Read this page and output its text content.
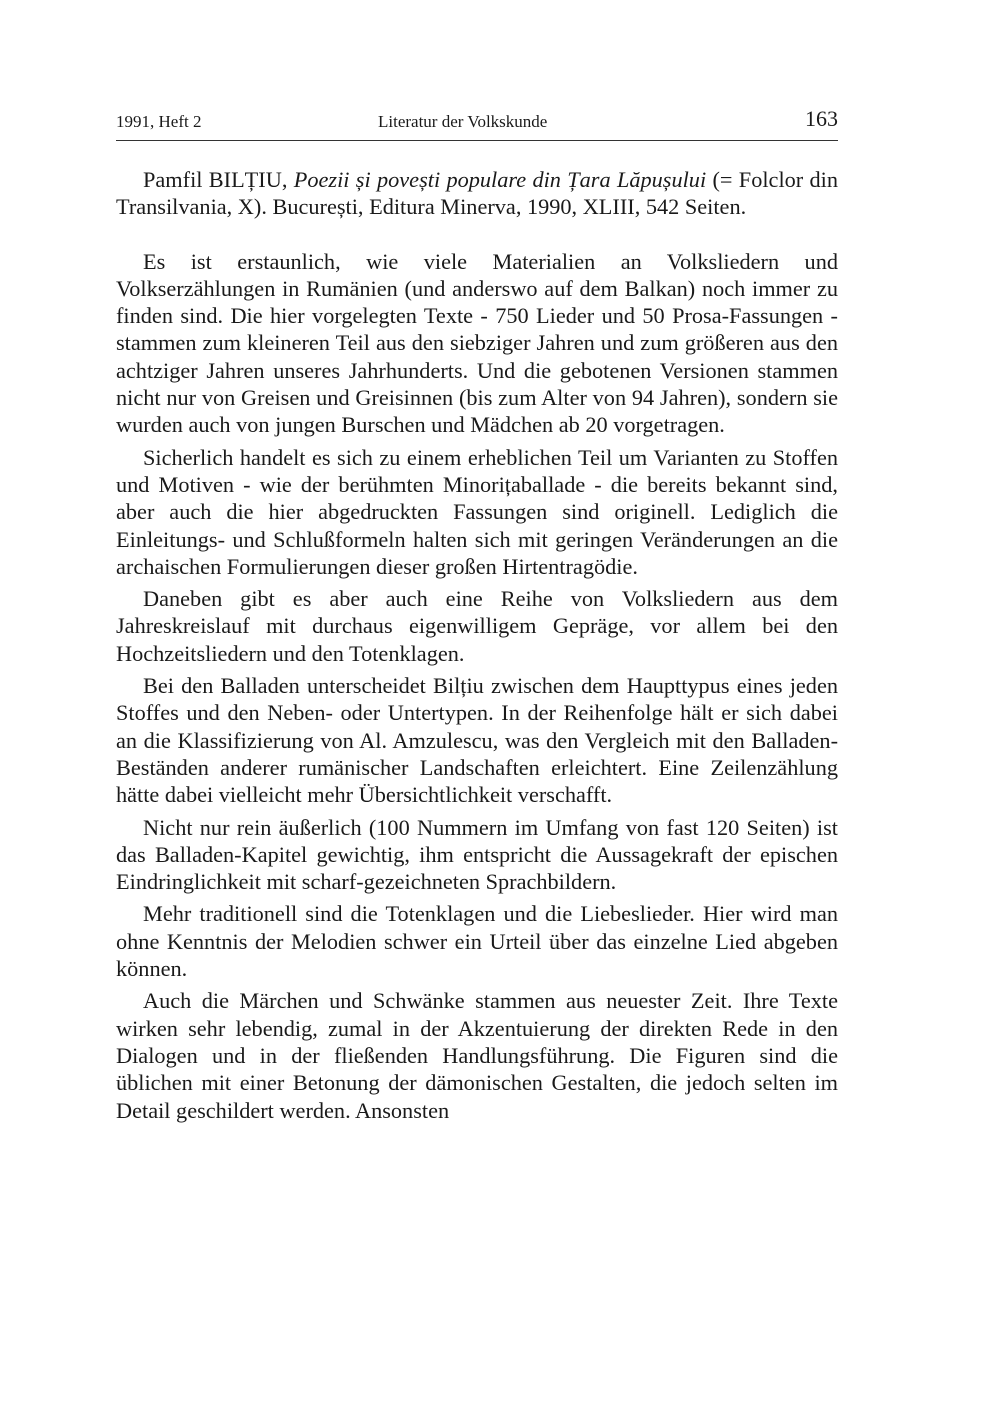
1991, Heft 2	Literatur der Volkskunde	163

Pamfil BILȚIU, Poezii și povești populare din Țara Lăpușului (= Folclor din Transilvania, X). București, Editura Minerva, 1990, XLIII, 542 Seiten.

Es ist erstaunlich, wie viele Materialien an Volksliedern und Volkserzählungen in Rumänien (und anderswo auf dem Balkan) noch immer zu finden sind. Die hier vorgelegten Texte - 750 Lieder und 50 Prosa-Fassungen - stammen zum kleineren Teil aus den siebziger Jahren und zum größeren aus den achtziger Jahren unseres Jahrhunderts. Und die gebotenen Versionen stammen nicht nur von Greisen und Greisinnen (bis zum Alter von 94 Jahren), sondern sie wurden auch von jungen Burschen und Mädchen ab 20 vorgetragen.

Sicherlich handelt es sich zu einem erheblichen Teil um Varianten zu Stoffen und Motiven - wie der berühmten Minorițaballade - die bereits bekannt sind, aber auch die hier abgedruckten Fassungen sind originell. Lediglich die Einleitungs- und Schlußformeln halten sich mit geringen Veränderungen an die archaischen Formulierungen dieser großen Hirtentragödie.

Daneben gibt es aber auch eine Reihe von Volksliedern aus dem Jahreskreislauf mit durchaus eigenwilligem Gepräge, vor allem bei den Hochzeitsliedern und den Totenklagen.

Bei den Balladen unterscheidet Bilțiu zwischen dem Haupttypus eines jeden Stoffes und den Neben- oder Untertypen. In der Reihenfolge hält er sich dabei an die Klassifizierung von Al. Amzulescu, was den Vergleich mit den Balladen-Beständen anderer rumänischer Landschaften erleichtert. Eine Zeilenzählung hätte dabei vielleicht mehr Übersichtlichkeit verschafft.

Nicht nur rein äußerlich (100 Nummern im Umfang von fast 120 Seiten) ist das Balladen-Kapitel gewichtig, ihm entspricht die Aussagekraft der epischen Eindringlichkeit mit scharf-gezeichneten Sprachbildern.

Mehr traditionell sind die Totenklagen und die Liebeslieder. Hier wird man ohne Kenntnis der Melodien schwer ein Urteil über das einzelne Lied abgeben können.

Auch die Märchen und Schwänke stammen aus neuester Zeit. Ihre Texte wirken sehr lebendig, zumal in der Akzentuierung der direkten Rede in den Dialogen und in der fließenden Handlungsführung. Die Figuren sind die üblichen mit einer Betonung der dämonischen Gestalten, die jedoch selten im Detail geschildert werden. Ansonsten
